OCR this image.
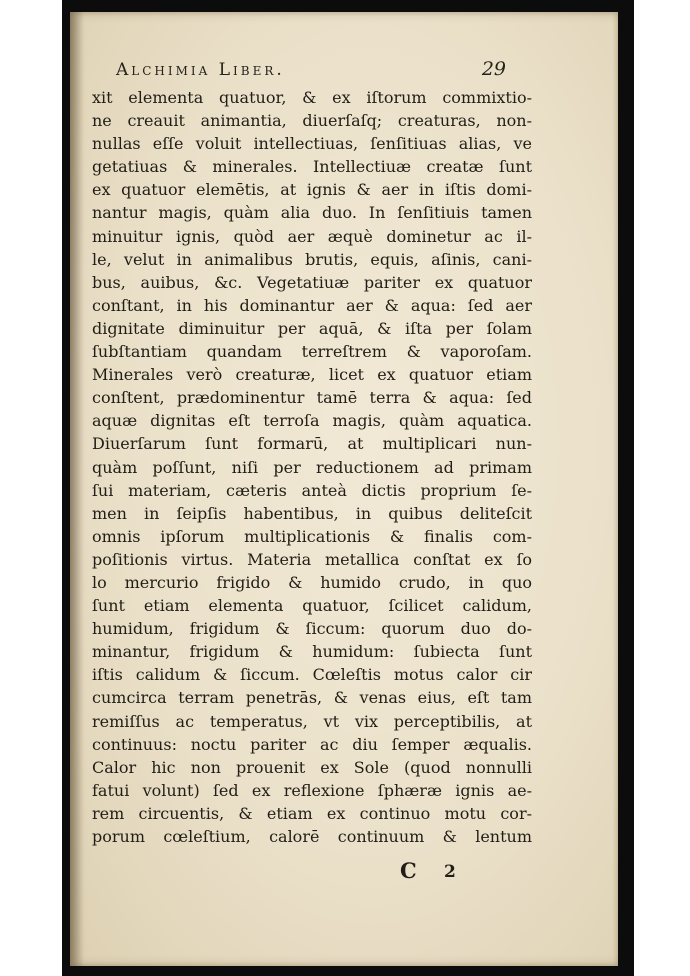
Alchimia Liber.	29
xit elementa quatuor, & ex iſtorum commixtio-
ne creauit animantia, diuerſaſq; creaturas, non-
nullas eſſe voluit intellectiuas, ſenſitiuas alias, ve
getatiuas & minerales. Intellectiuæ creatæ ſunt
ex quatuor elemētis, at ignis & aer in iſtis domi-
nantur magis, quàm alia duo. In ſenſitiuis tamen
minuitur ignis, quòd aer æquè dominetur ac il-
le, velut in animalibus brutis, equis, aſinis, cani-
bus, auibus, &c. Vegetatiuæ pariter ex quatuor
conſtant, in his dominantur aer & aqua: ſed aer
dignitate diminuitur per aquā, & iſta per ſolam
ſubſtantiam quandam terreſtrem & vaporoſam.
Minerales verò creaturæ, licet ex quatuor etiam
conſtent, prædominentur tamē terra & aqua: ſed
aquæ dignitas eſt terroſa magis, quàm aquatica.
Diuerſarum ſunt formarū, at multiplicari nun-
quàm poſſunt, niſi per reductionem ad primam
ſui materiam, cæteris anteà dictis proprium ſe-
men in ſeipſis habentibus, in quibus deliteſcit
omnis ipſorum multiplicationis & finalis com-
poſitionis virtus. Materia metallica conſtat ex ſo
lo mercurio frigido & humido crudo, in quo
ſunt etiam elementa quatuor, ſcilicet calidum,
humidum, frigidum & ſiccum: quorum duo do-
minantur, frigidum & humidum: ſubiecta ſunt
iſtis calidum & ſiccum. Cœleſtis motus calor cir
cumcirca terram penetrās, & venas eius, eſt tam
remiſſus ac temperatus, vt vix perceptibilis, at
continuus: noctu pariter ac diu ſemper æqualis.
Calor hic non prouenit ex Sole (quod nonnulli
fatui volunt) ſed ex reflexione ſphæræ ignis ae-
rem circuentis, & etiam ex continuo motu cor-
porum cœleſtium, calorē continuum & lentum
C 2
